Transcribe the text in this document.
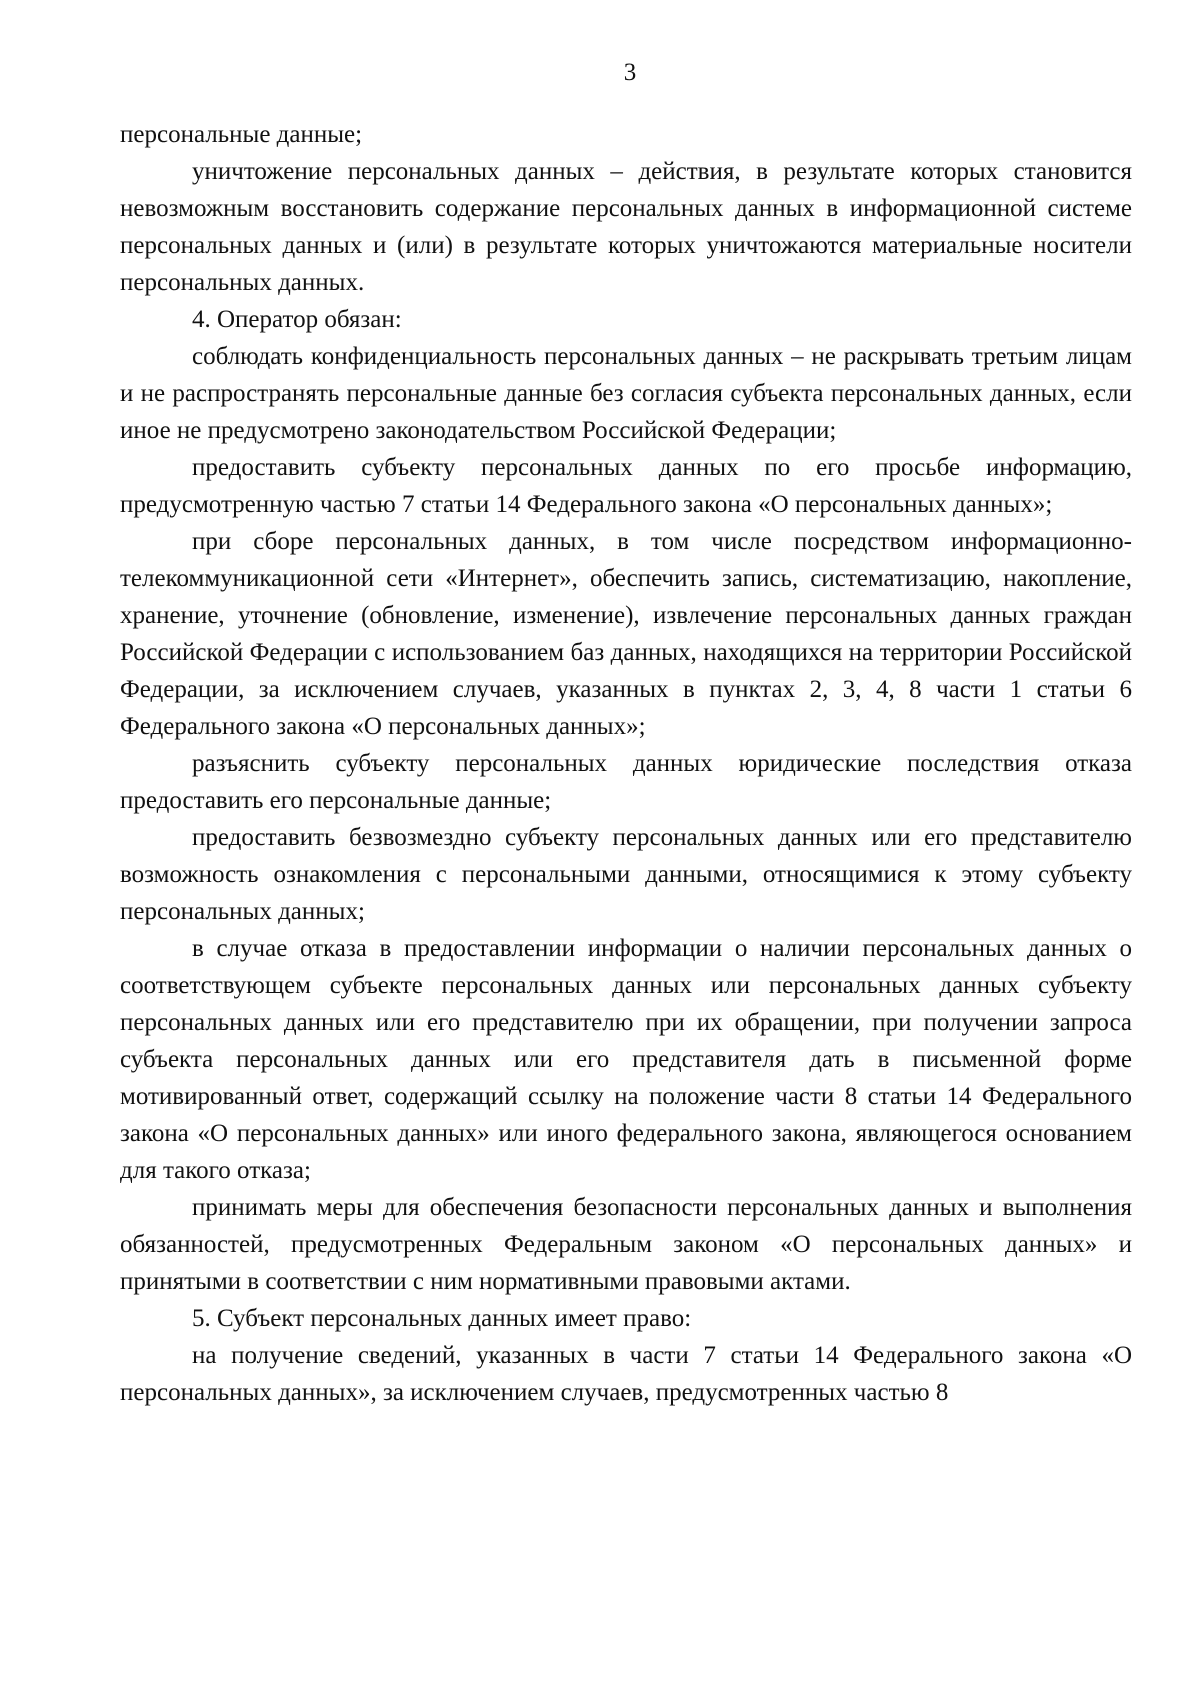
3

персональные данные;

уничтожение персональных данных – действия, в результате которых становится невозможным восстановить содержание персональных данных в информационной системе персональных данных и (или) в результате которых уничтожаются материальные носители персональных данных.

4. Оператор обязан:

соблюдать конфиденциальность персональных данных – не раскрывать третьим лицам и не распространять персональные данные без согласия субъекта персональных данных, если иное не предусмотрено законодательством Российской Федерации;

предоставить субъекту персональных данных по его просьбе информацию, предусмотренную частью 7 статьи 14 Федерального закона «О персональных данных»;

при сборе персональных данных, в том числе посредством информационно-телекоммуникационной сети «Интернет», обеспечить запись, систематизацию, накопление, хранение, уточнение (обновление, изменение), извлечение персональных данных граждан Российской Федерации с использованием баз данных, находящихся на территории Российской Федерации, за исключением случаев, указанных в пунктах 2, 3, 4, 8 части 1 статьи 6 Федерального закона «О персональных данных»;

разъяснить субъекту персональных данных юридические последствия отказа предоставить его персональные данные;

предоставить безвозмездно субъекту персональных данных или его представителю возможность ознакомления с персональными данными, относящимися к этому субъекту персональных данных;

в случае отказа в предоставлении информации о наличии персональных данных о соответствующем субъекте персональных данных или персональных данных субъекту персональных данных или его представителю при их обращении, при получении запроса субъекта персональных данных или его представителя дать в письменной форме мотивированный ответ, содержащий ссылку на положение части 8 статьи 14 Федерального закона «О персональных данных» или иного федерального закона, являющегося основанием для такого отказа;

принимать меры для обеспечения безопасности персональных данных и выполнения обязанностей, предусмотренных Федеральным законом «О персональных данных» и принятыми в соответствии с ним нормативными правовыми актами.

5. Субъект персональных данных имеет право:

на получение сведений, указанных в части 7 статьи 14 Федерального закона «О персональных данных», за исключением случаев, предусмотренных частью 8
